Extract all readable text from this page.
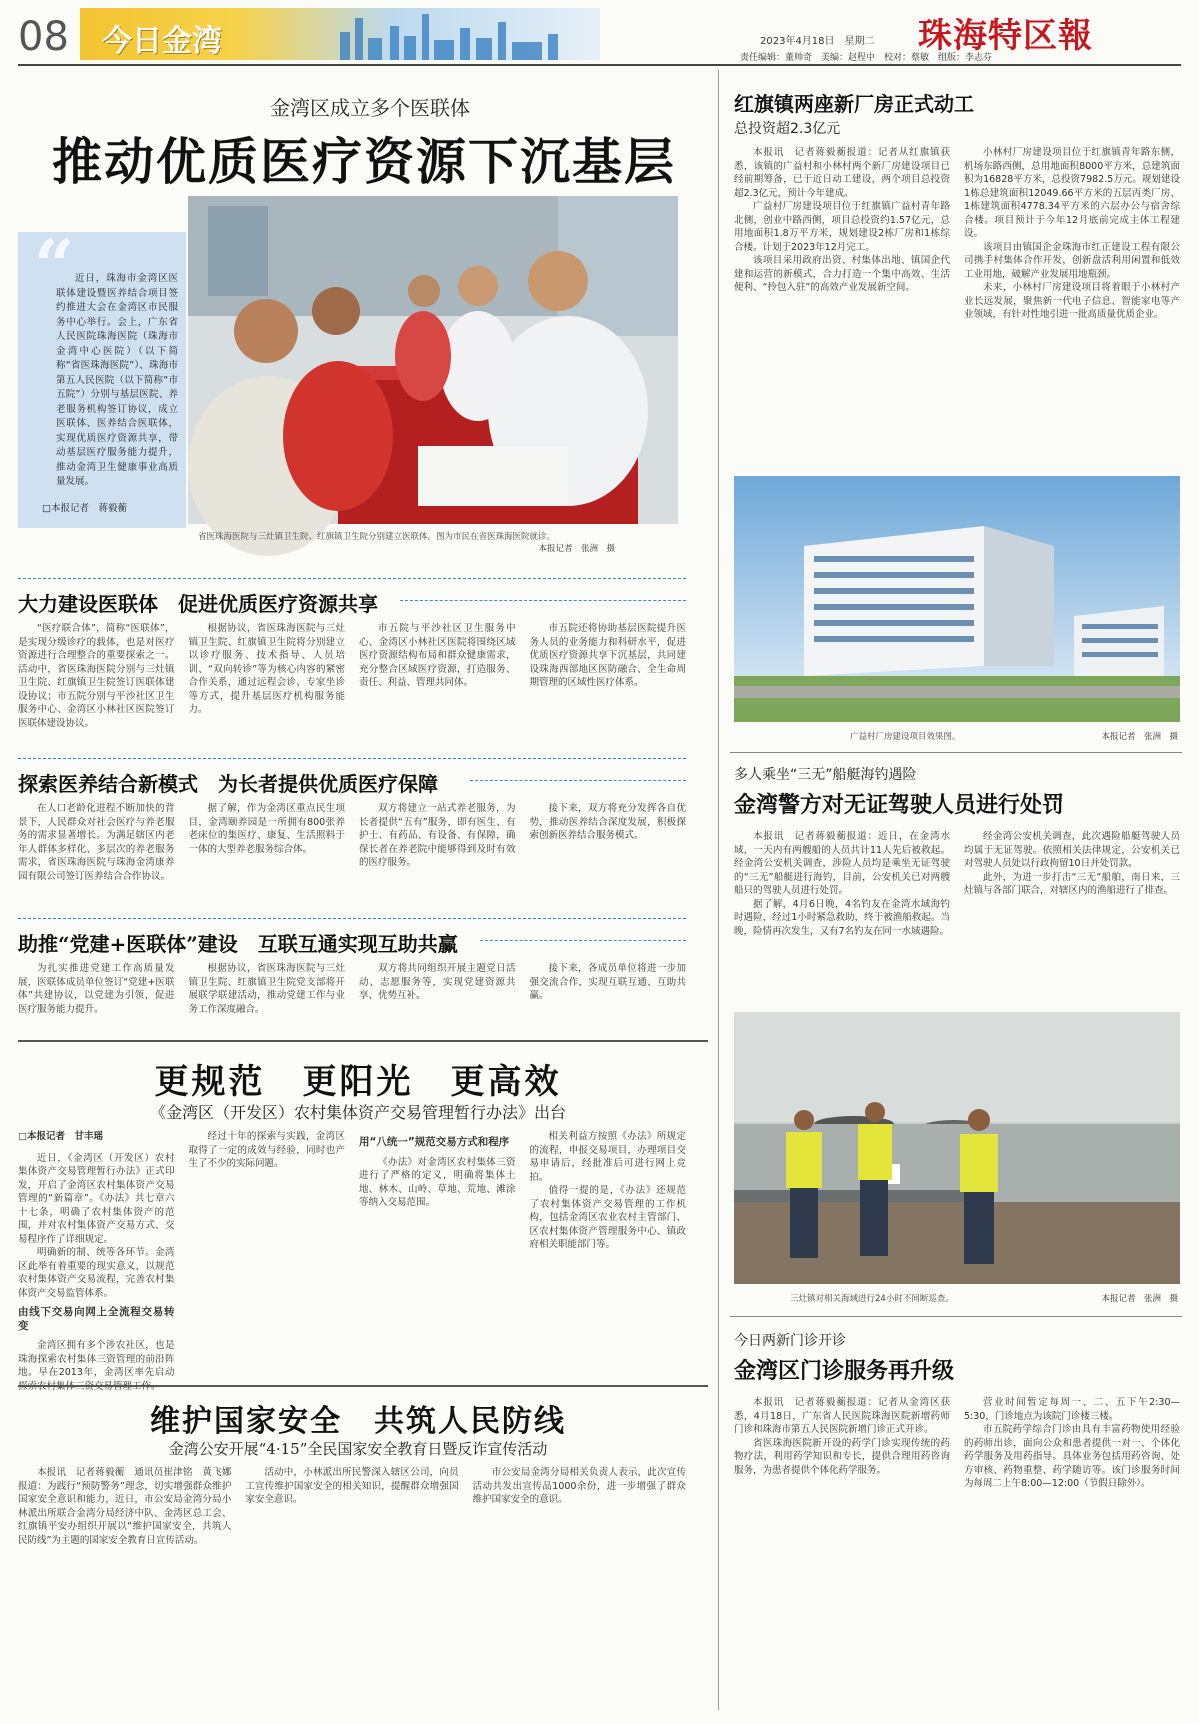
08 今日金湾	2023年4月18日　星期二 珠海特区報
责任编辑：董帅奇　美编：赵程中　校对：蔡敏　组版：李志芬
金湾区成立多个医联体
推动优质医疗资源下沉基层
“ 近日，珠海市金湾区医联体建设暨医养结合项目签约推进大会在金湾区市民服务中心举行。会上，广东省人民医院珠海医院（珠海市金湾中心医院）（以下简称“省医珠海医院”）、珠海市第五人民医院（以下简称“市五院”）分别与基层医院、养老服务机构签订协议，成立医联体、医养结合医联体，实现优质医疗资源共享，带动基层医疗服务能力提升，推动金湾卫生健康事业高质量发展。
□本报记者　蒋毅蘅
省医珠海医院与三灶镇卫生院、红旗镇卫生院分别建立医联体。图为市民在省医珠海医院就诊。
本报记者　张洲　摄
大力建设医联体　促进优质医疗资源共享
“医疗联合体”，简称“医联体”，是实现分级诊疗的载体，也是对医疗资源进行合理整合的重要探索之一。活动中，省医珠海医院分别与三灶镇卫生院、红旗镇卫生院签订医联体建设协议；市五院分别与平沙社区卫生服务中心、金湾区小林社区医院签订医联体建设协议。
根据协议，省医珠海医院与三灶镇卫生院、红旗镇卫生院将分别建立以诊疗服务、技术指导、人员培训、“双向转诊”等为核心内容的紧密合作关系，通过远程会诊、专家坐诊等方式，提升基层医疗机构服务能力。
市五院与平沙社区卫生服务中心、金湾区小林社区医院将围绕区域医疗资源结构布局和群众健康需求，充分整合区域医疗资源，打造服务、责任、利益、管理共同体。
市五院还将协助基层医院提升医务人员的业务能力和科研水平，促进优质医疗资源共享下沉基层，共同建设珠海西部地区医防融合、全生命周期管理的区域性医疗体系。
探索医养结合新模式　为长者提供优质医疗保障
在人口老龄化进程不断加快的背景下，人民群众对社会医疗与养老服务的需求显著增长。为满足辖区内老年人群体多样化、多层次的养老服务需求，省医珠海医院与珠海金湾康养园有限公司签订医养结合合作协议。
据了解，作为金湾区重点民生项目，金湾颐养园是一所拥有800张养老床位的集医疗、康复、生活照料于一体的大型养老服务综合体。
双方将建立一站式养老服务，为长者提供“五有”服务，即有医生、有护士、有药品、有设备、有保障，确保长者在养老院中能够得到及时有效的医疗服务。
接下来，双方将充分发挥各自优势，推动医养结合深度发展，积极探索创新医养结合服务模式。
助推“党建+医联体”建设　互联互通实现互助共赢
为扎实推进党建工作高质量发展，医联体成员单位签订“党建+医联体”共建协议，以党建为引领，促进医疗服务能力提升。
根据协议，省医珠海医院与三灶镇卫生院、红旗镇卫生院党支部将开展联学联建活动，推动党建工作与业务工作深度融合。
双方将共同组织开展主题党日活动、志愿服务等，实现党建资源共享、优势互补。
接下来，各成员单位将进一步加强交流合作，实现互联互通、互助共赢。
更规范　更阳光　更高效
《金湾区（开发区）农村集体资产交易管理暂行办法》出台
□本报记者　甘丰瑶
近日，《金湾区（开发区）农村集体资产交易管理暂行办法》正式印发，开启了金湾区农村集体资产交易管理的“新篇章”。《办法》共七章六十七条，明确了农村集体资产的范围，并对农村集体资产交易方式、交易程序作了详细规定。
明确新的制、统等各环节。金湾区此举有着重要的现实意义，以规范农村集体资产交易流程，完善农村集体资产交易监管体系。
由线下交易向网上全流程交易转变
金湾区拥有多个涉农社区，也是珠海探索农村集体三资管理的前沿阵地。早在2013年，金湾区率先启动
经过十年的探索与实践，金湾区取得了一定的成效与经验，同时也产生了不少的实际问题。
用“八统一”规范交易方式和程序
《办法》对金湾区农村集体三资进行了严格的定义，明确将集体土地、林木、山岭、草地、荒地、滩涂等纳入交易范围。
相关利益方按照《办法》所规定的流程，申报交易项目，办理项目交易申请后，经批准后可进行网上竞拍。
值得一提的是，《办法》还规范了农村集体资产交易管理的工作机构，包括金湾区农业农村主管部门、区农村集体资产管理服务中心、镇政府相关职能部门等。
维护国家安全　共筑人民防线
金湾公安开展“4·15”全民国家安全教育日暨反诈宣传活动
本报讯　记者蒋毅蘅　通讯员崔津铭　黄飞娜报道：为践行“预防警务”理念，切实增强群众维护国家安全意识和能力，近日，市公安局金湾分局小林派出所联合金湾分局经济中队、金湾区总工会、红旗镇平安办组织开展以“维护国家安全，共筑人民防线”为主题的国家安全教育日宣传活动。
活动中，小林派出所民警深入辖区公司，向员工宣传维护国家安全的相关知识，提醒群众增强国家安全意识。
市公安局金湾分局相关负责人表示，此次宣传活动共发出宣传品1000余份，进一步增强了群众维护国家安全的意识。
红旗镇两座新厂房正式动工
总投资超2.3亿元
本报讯　记者蒋毅蘅报道：记者从红旗镇获悉，该镇的广益村和小林村两个新厂房建设项目已经前期筹备，已于近日动工建设，两个项目总投资超2.3亿元，预计今年建成。
广益村厂房建设项目位于红旗镇广益村青年路北侧，创业中路西侧，项目总投资约1.57亿元，总用地面积1.8万平方米，规划建设2栋厂房和1栋综合楼。计划于2023年12月完工。
该项目采用政府出资、村集体出地、镇国企代建和运营的新模式，合力打造一个集中高效、生活便利、“拎包入驻”的高效产业发展新空间。
小林村厂房建设项目位于红旗镇青年路东侧，机场东路西侧，总用地面积8000平方米，总建筑面积为16828平方米，总投资7982.5万元。规划建设1栋总建筑面积12049.66平方米的五层丙类厂房、1栋建筑面积4778.34平方米的六层办公与宿舍综合楼。项目预计于今年12月底前完成主体工程建设。
该项目由镇国企金珠海市红正建设工程有限公司携手村集体合作开发，创新盘活利用闲置和低效工业用地，破解产业发展用地瓶颈。
未来，小林村厂房建设项目将着眼于小林村产业长远发展，聚焦新一代电子信息、智能家电等产业领域，有针对性地引进一批高质量优质企业。
广益村厂房建设项目效果图。	本报记者　张洲　摄
多人乘坐“三无”船艇海钓遇险
金湾警方对无证驾驶人员进行处罚
本报讯　记者蒋毅蘅报道：近日，在金湾水域，一天内有两艘船的人员共计11人先后被救起。经金湾公安机关调查，涉险人员均是乘坐无证驾驶的“三无”船艇进行海钓，目前，公安机关已对两艘船只的驾驶人员进行处罚。
据了解，4月6日晚，4名钓友在金湾水域海钓时遇险，经过1小时紧急救助，终于被渔船救起。当晚，险情再次发生，又有7名钓友在同一水域遇险。
经金湾公安机关调查，此次遇险船艇驾驶人员均属于无证驾驶。依照相关法律规定，公安机关已对驾驶人员处以行政拘留10日并处罚款。
此外，为进一步打击“三无”船舶，南日来，三灶镇与各部门联合，对辖区内的渔船进行了排查。
三灶镇对相关海域进行24小时不间断巡查。	本报记者　张洲　摄
今日两新门诊开诊
金湾区门诊服务再升级
本报讯　记者蒋毅蘅报道：记者从金湾区获悉，4月18日，广东省人民医院珠海医院新增药师门诊和珠海市第五人民医院新增门诊正式开诊。
省医珠海医院新开设的药学门诊实现传统的药物疗法，利用药学知识和专长，提供合理用药咨询服务，为患者提供个体化药学服务。
营业时间暂定每周一、二、五下午2:30—5:30，门诊地点为该院门诊楼三楼。
市五院药学综合门诊由具有丰富药物使用经验的药师出诊，面向公众和患者提供一对一、个体化药学服务及用药指导。具体业务包括用药咨询、处方审核、药物重整、药学随访等。该门诊服务时间为每周二上午8:00—12:00（节假日除外）。
